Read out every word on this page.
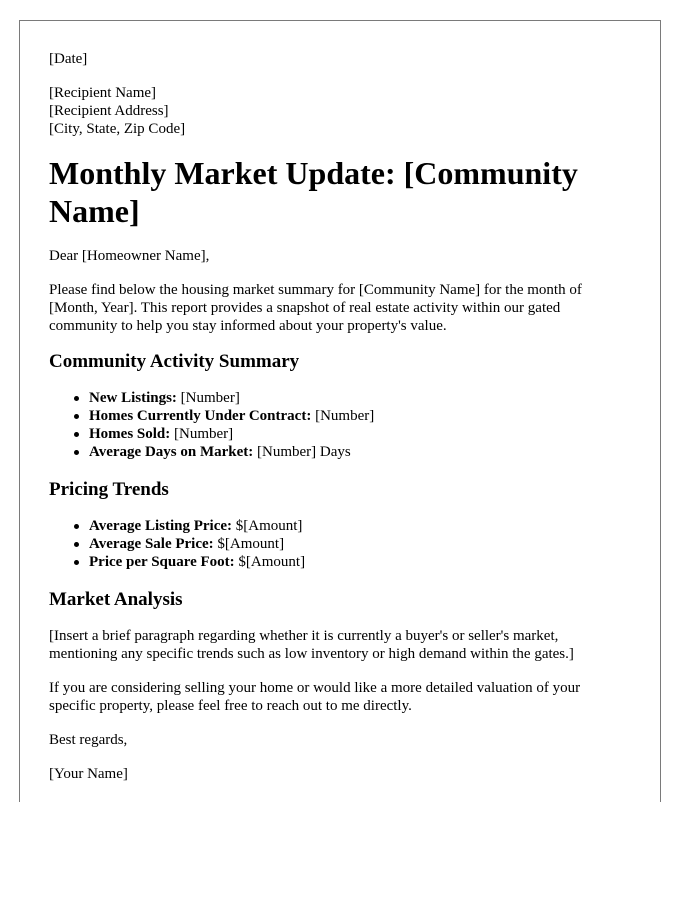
[Date]
[Recipient Name]
[Recipient Address]
[City, State, Zip Code]
Monthly Market Update: [Community Name]

Dear [Homeowner Name],

Please find below the housing market summary for [Community Name] for the month of [Month, Year]. This report provides a snapshot of real estate activity within our gated community to help you stay informed about your property's value.

Community Activity Summary
New Listings: [Number]
Homes Currently Under Contract: [Number]
Homes Sold: [Number]
Average Days on Market: [Number] Days
Pricing Trends
Average Listing Price: $[Amount]
Average Sale Price: $[Amount]
Price per Square Foot: $[Amount]
Market Analysis

[Insert a brief paragraph regarding whether it is currently a buyer's or seller's market, mentioning any specific trends such as low inventory or high demand within the gates.]

If you are considering selling your home or would like a more detailed valuation of your specific property, please feel free to reach out to me directly.

Best regards,

[Your Name]
